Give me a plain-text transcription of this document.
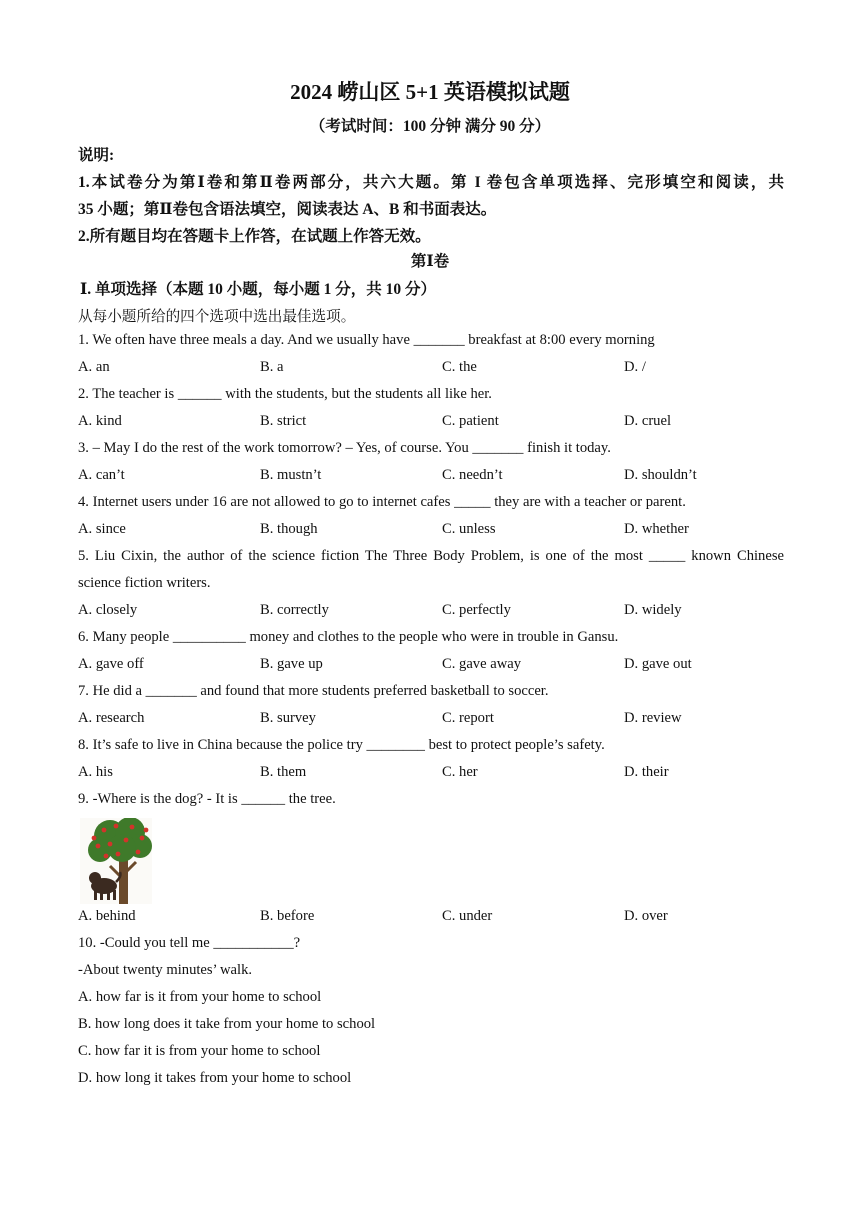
2024 崂山区 5+1 英语模拟试题
（考试时间：100 分钟 满分 90 分）
说明:
1.本试卷分为第Ⅰ卷和第Ⅱ卷两部分，共六大题。第 I 卷包含单项选择、完形填空和阅读，共
35 小题；第Ⅱ卷包含语法填空，阅读表达 A、B 和书面表达。
2.所有题目均在答题卡上作答，在试题上作答无效。
第Ⅰ卷
Ⅰ. 单项选择（本题 10 小题，每小题 1 分，共 10 分）
从每小题所给的四个选项中选出最佳选项。
1. We often have three meals a day. And we usually have _______ breakfast at 8:00 every morning
A. an	B. a	C. the	D. /
2. The teacher is ______ with the students, but the students all like her.
A. kind	B. strict	C. patient	D. cruel
3. – May I do the rest of the work tomorrow? – Yes, of course. You _______ finish it today.
A. can’t	B. mustn’t	C. needn’t	D. shouldn’t
4. Internet users under 16 are not allowed to go to internet cafes _____ they are with a teacher or parent.
A. since	B. though	C. unless	D. whether
5. Liu Cixin, the author of the science fiction The Three Body Problem, is one of the most _____ known Chinese
science fiction writers.
A. closely	B. correctly	C. perfectly	D. widely
6. Many people __________ money and clothes to the people who were in trouble in Gansu.
A. gave off	B. gave up	C. gave away	D. gave out
7. He did a _______ and found that more students preferred basketball to soccer.
A. research	B. survey	C. report	D. review
8. It’s safe to live in China because the police try ________ best to protect people’s safety.
A. his	B. them	C. her	D. their
9. -Where is the dog? - It is ______ the tree.
A. behind	B. before	C. under	D. over
10. -Could you tell me ___________?
-About twenty minutes’ walk.
A. how far is it from your home to school
B. how long does it take from your home to school
C. how far it is from your home to school
D. how long it takes from your home to school
